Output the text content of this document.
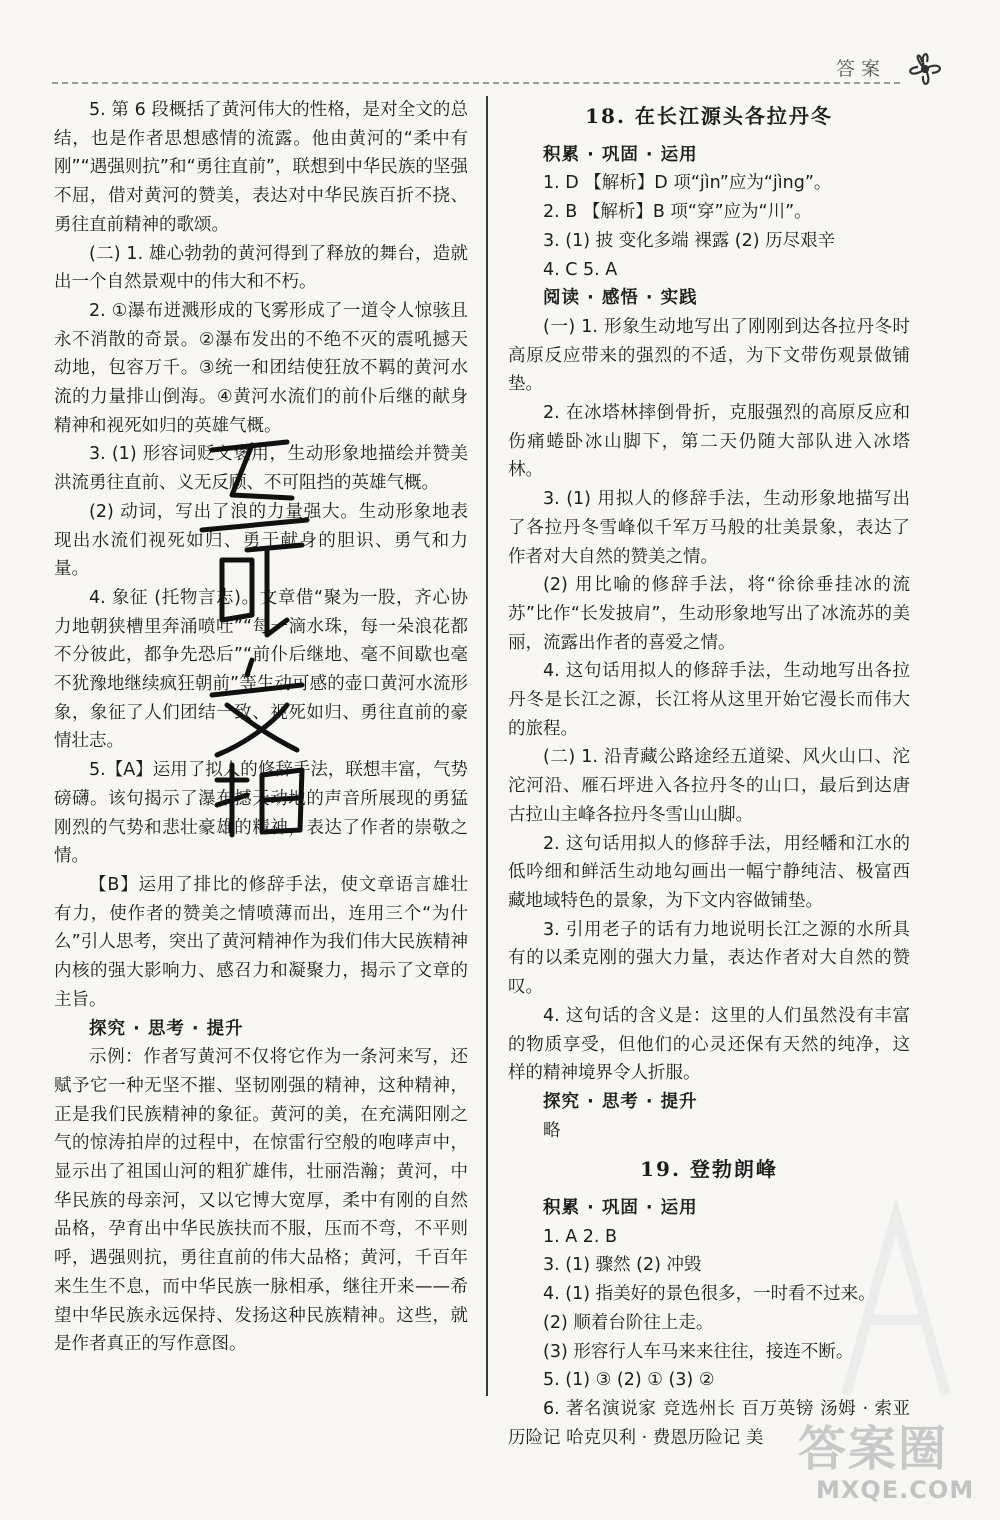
答案

5. 第 6 段概括了黄河伟大的性格，是对全文的总结，也是作者思想感情的流露。他由黄河的“柔中有刚”“遇强则抗”和“勇往直前”，联想到中华民族的坚强不屈，借对黄河的赞美，表达对中华民族百折不挠、勇往直前精神的歌颂。

(二) 1. 雄心勃勃的黄河得到了释放的舞台，造就出一个自然景观中的伟大和不朽。

2. ①瀑布迸溅形成的飞雾形成了一道令人惊骇且永不消散的奇景。②瀑布发出的不绝不灭的震吼撼天动地，包容万千。③统一和团结使狂放不羁的黄河水流的力量排山倒海。④黄河水流们的前仆后继的献身精神和视死如归的英雄气概。

3. (1) 形容词贬义褒用，生动形象地描绘并赞美洪流勇往直前、义无反顾、不可阻挡的英雄气概。

(2) 动词，写出了浪的力量强大。生动形象地表现出水流们视死如归、勇于献身的胆识、勇气和力量。

4. 象征 (托物言志)。文章借“聚为一股，齐心协力地朝狭槽里奔涌喷吐”“每一滴水珠，每一朵浪花都不分彼此，都争先恐后”“前仆后继地、毫不间歇也毫不犹豫地继续疯狂朝前”等生动可感的壶口黄河水流形象，象征了人们团结一致、视死如归、勇往直前的豪情壮志。

5.【A】运用了拟人的修辞手法，联想丰富，气势磅礴。该句揭示了瀑布撼天动地的声音所展现的勇猛刚烈的气势和悲壮豪雄的精神，表达了作者的崇敬之情。

【B】运用了排比的修辞手法，使文章语言雄壮有力，使作者的赞美之情喷薄而出，连用三个“为什么”引人思考，突出了黄河精神作为我们伟大民族精神内核的强大影响力、感召力和凝聚力，揭示了文章的主旨。

探究 · 思考 · 提升

示例：作者写黄河不仅将它作为一条河来写，还赋予它一种无坚不摧、坚韧刚强的精神，这种精神，正是我们民族精神的象征。黄河的美，在充满阳刚之气的惊涛拍岸的过程中，在惊雷行空般的咆哮声中，显示出了祖国山河的粗犷雄伟，壮丽浩瀚；黄河，中华民族的母亲河，又以它博大宽厚，柔中有刚的自然品格，孕育出中华民族扶而不服，压而不弯，不平则呼，遇强则抗，勇往直前的伟大品格；黄河，千百年来生生不息，而中华民族一脉相承，继往开来——希望中华民族永远保持、发扬这种民族精神。这些，就是作者真正的写作意图。

18. 在长江源头各拉丹冬

积累 · 巩固 · 运用

1. D 【解析】D 项“jìn”应为“jìng”。

2. B 【解析】B 项“穿”应为“川”。

3. (1) 披 变化多端 裸露 (2) 历尽艰辛

4. C 5. A

阅读 · 感悟 · 实践

(一) 1. 形象生动地写出了刚刚到达各拉丹冬时高原反应带来的强烈的不适，为下文带伤观景做铺垫。

2. 在冰塔林摔倒骨折，克服强烈的高原反应和伤痛蜷卧冰山脚下，第二天仍随大部队进入冰塔林。

3. (1) 用拟人的修辞手法，生动形象地描写出了各拉丹冬雪峰似千军万马般的壮美景象，表达了作者对大自然的赞美之情。

(2) 用比喻的修辞手法，将“徐徐垂挂冰的流苏”比作“长发披肩”，生动形象地写出了冰流苏的美丽，流露出作者的喜爱之情。

4. 这句话用拟人的修辞手法，生动地写出各拉丹冬是长江之源，长江将从这里开始它漫长而伟大的旅程。

(二) 1. 沿青藏公路途经五道梁、风火山口、沱沱河沿、雁石坪进入各拉丹冬的山口，最后到达唐古拉山主峰各拉丹冬雪山山脚。

2. 这句话用拟人的修辞手法，用经幡和江水的低吟细和鲜活生动地勾画出一幅宁静纯洁、极富西藏地域特色的景象，为下文内容做铺垫。

3. 引用老子的话有力地说明长江之源的水所具有的以柔克刚的强大力量，表达作者对大自然的赞叹。

4. 这句话的含义是：这里的人们虽然没有丰富的物质享受，但他们的心灵还保有天然的纯净，这样的精神境界令人折服。

探究 · 思考 · 提升

略

19. 登勃朗峰

积累 · 巩固 · 运用

1. A 2. B

3. (1) 骤然 (2) 冲毁

4. (1) 指美好的景色很多，一时看不过来。

(2) 顺着台阶往上走。

(3) 形容行人车马来来往往，接连不断。

5. (1) ③ (2) ① (3) ②

6. 著名演说家 竞选州长 百万英镑 汤姆 · 索亚历险记 哈克贝利 · 费恩历险记 美 答案圈
MXQE.COM
